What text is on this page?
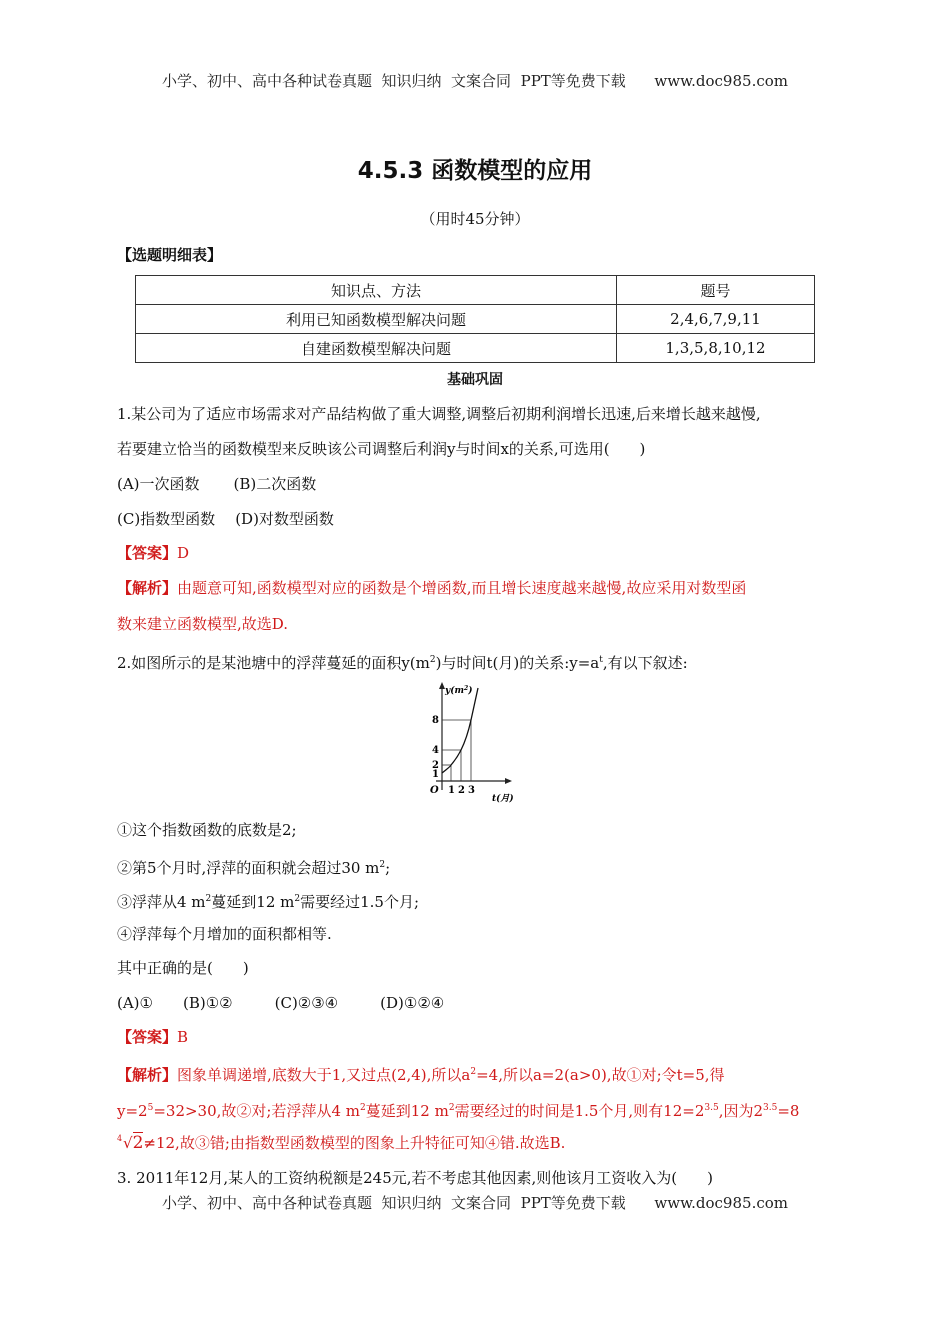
小学、初中、高中各种试卷真题  知识归纳  文案合同  PPT等免费下载      www.doc985.com
4.5.3 函数模型的应用
（用时45分钟）
【选题明细表】
知识点、方法	题号
利用已知函数模型解决问题	2,4,6,7,9,11
自建函数模型解决问题	1,3,5,8,10,12
基础巩固
1.某公司为了适应市场需求对产品结构做了重大调整,调整后初期利润增长迅速,后来增长越来越慢,
若要建立恰当的函数模型来反映该公司调整后利润y与时间x的关系,可选用(　　)
(A)一次函数 (B)二次函数
(C)指数型函数 (D)对数型函数
【答案】D
【解析】由题意可知,函数模型对应的函数是个增函数,而且增长速度越来越慢,故应采用对数型函
数来建立函数模型,故选D.
2.如图所示的是某池塘中的浮萍蔓延的面积$y(m^2)$与时间t(月)的关系$:y=a^t$,有以下叙述:
$y(m^2)$
8
4
2
1
O 1 2 3
t(月)
①这个指数函数的底数是2;
②第5个月时,浮萍的面积就会超过30 $m^2$;
③浮萍从4 $m^2$蔓延到12 $m^2$需要经过1.5个月;
④浮萍每个月增加的面积都相等.
其中正确的是(　　)
(A)① (B)①②	(C)②③④	(D)①②④
【答案】B
【解析】图象单调递增,底数大于1,又过点(2,4),所以$a^2=4$,所以a=2(a>0),故①对;令t=5,得
$y=2^5=32>30$,故②对;若浮萍从4 $m^2$蔓延到12 $m^2$需要经过的时间是1.5个月,则有$12=2^{3.5}$,因为$2^{3.5}=8$
4 √2≠12,故③错;由指数型函数模型的图象上升特征可知④错.故选B.
3. 2011年12月,某人的工资纳税额是245元,若不考虑其他因素,则他该月工资收入为(　　)
小学、初中、高中各种试卷真题  知识归纳  文案合同  PPT等免费下载      www.doc985.com
